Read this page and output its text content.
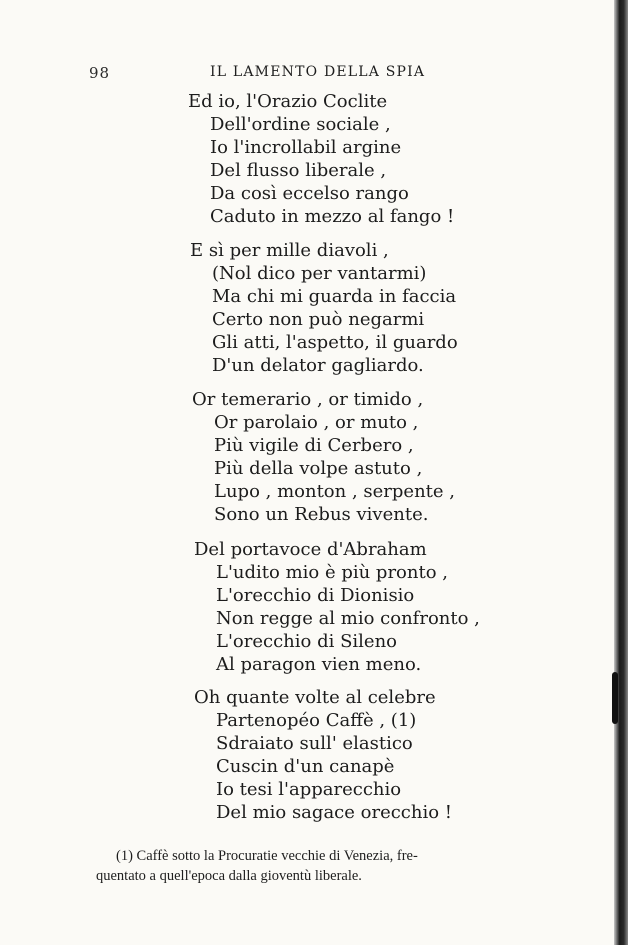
98	IL LAMENTO DELLA SPIA
Ed io, l'Orazio Coclite
Dell'ordine sociale ,
Io l'incrollabil argine
Del flusso liberale ,
Da così eccelso rango
Caduto in mezzo al fango !
E sì per mille diavoli ,
(Nol dico per vantarmi)
Ma chi mi guarda in faccia
Certo non può negarmi
Gli atti, l'aspetto, il guardo
D'un delator gagliardo.
Or temerario , or timido ,
Or parolaio , or muto ,
Più vigile di Cerbero ,
Più della volpe astuto ,
Lupo , monton , serpente ,
Sono un Rebus vivente.
Del portavoce d'Abraham
L'udito mio è più pronto ,
L'orecchio di Dionisio
Non regge al mio confronto ,
L'orecchio di Sileno
Al paragon vien meno.
Oh quante volte al celebre
Partenopéo Caffè , (1)
Sdraiato sull' elastico
Cuscin d'un canapè
Io tesi l'apparecchio
Del mio sagace orecchio !
(1) Caffè sotto la Procuratie vecchie di Venezia, fre-
quentato a quell'epoca dalla gioventù liberale.
